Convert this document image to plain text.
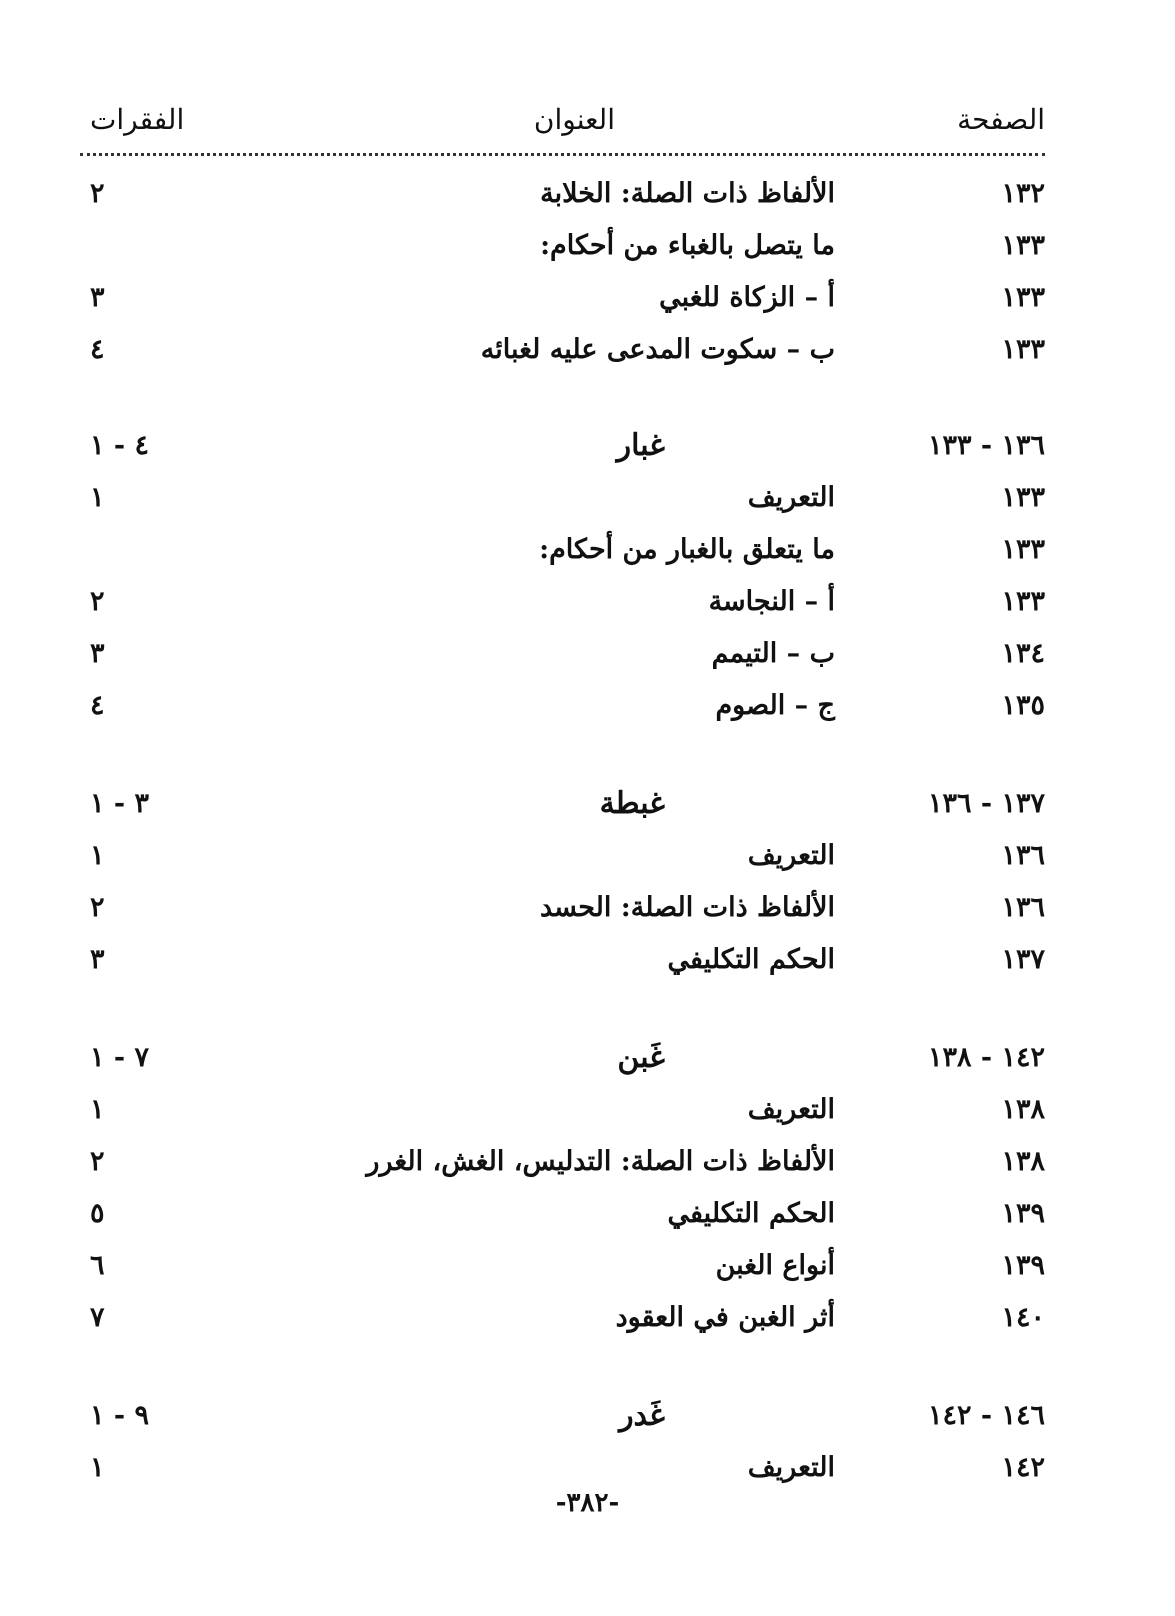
الصفحة
العنوان
الفقرات
١٣٢
الألفاظ ذات الصلة: الخلابة
٢
١٣٣
ما يتصل بالغباء من أحكام:
١٣٣
أ – الزكاة للغبي
٣
١٣٣
ب – سكوت المدعى عليه لغبائه
٤
١٣٦ - ١٣٣
غبار
٤ - ١
١٣٣
التعريف
١
١٣٣
ما يتعلق بالغبار من أحكام:
١٣٣
أ – النجاسة
٢
١٣٤
ب – التيمم
٣
١٣٥
ج – الصوم
٤
١٣٧ - ١٣٦
غبطة
٣ - ١
١٣٦
التعريف
١
١٣٦
الألفاظ ذات الصلة: الحسد
٢
١٣٧
الحكم التكليفي
٣
١٤٢ - ١٣٨
غَبن
٧ - ١
١٣٨
التعريف
١
١٣٨
الألفاظ ذات الصلة: التدليس، الغش، الغرر
٢
١٣٩
الحكم التكليفي
٥
١٣٩
أنواع الغبن
٦
١٤٠
أثر الغبن في العقود
٧
١٤٦ - ١٤٢
غَدر
٩ - ١
١٤٢
التعريف
١
-٣٨٢-
